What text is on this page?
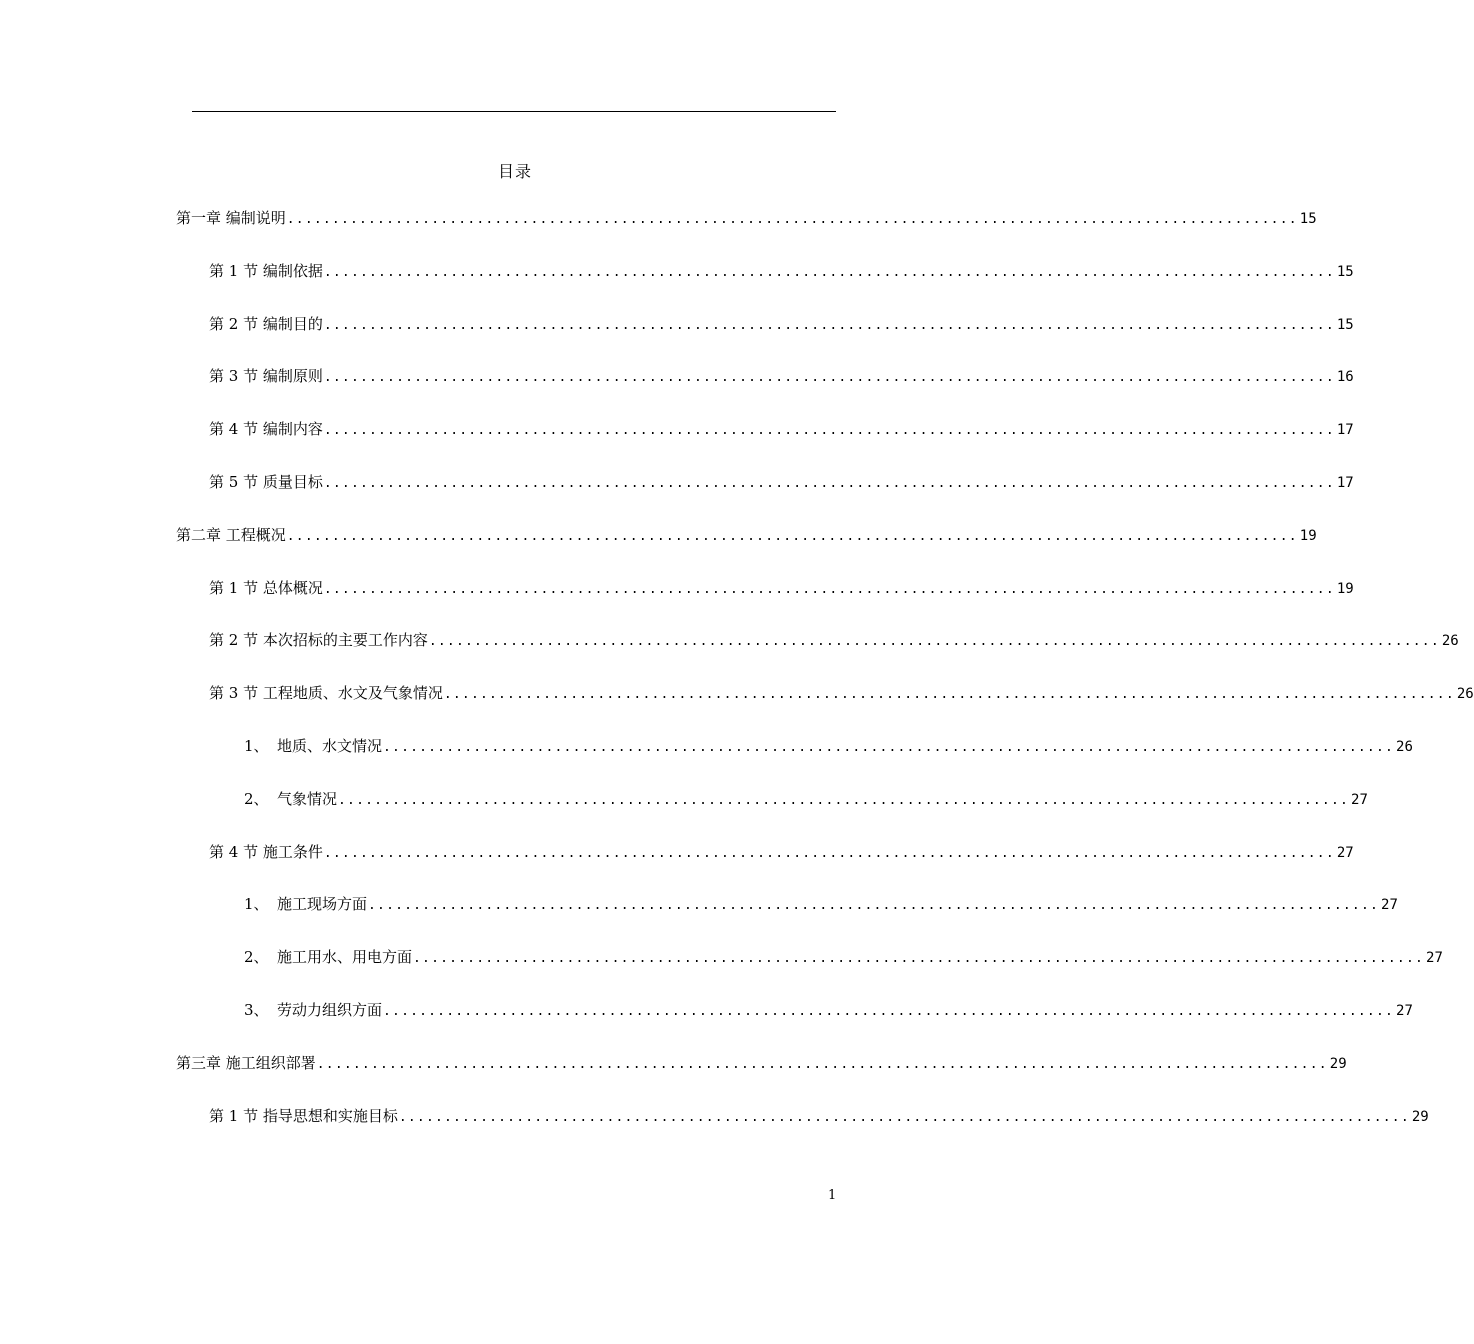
目录
第一章 编制说明 ................................................................................................................ 15
第 1 节 编制依据 ................................................................................................................ 15
第 2 节 编制目的 ................................................................................................................ 15
第 3 节 编制原则 ................................................................................................................ 16
第 4 节 编制内容 ................................................................................................................ 17
第 5 节 质量目标 ................................................................................................................ 17
第二章 工程概况 ................................................................................................................ 19
第 1 节 总体概况 ................................................................................................................ 19
第 2 节 本次招标的主要工作内容 ................................................................................................................ 26
第 3 节 工程地质、水文及气象情况 ................................................................................................................ 26
1、 地质、水文情况 ................................................................................................................ 26
2、 气象情况 ................................................................................................................ 27
第 4 节 施工条件 ................................................................................................................ 27
1、 施工现场方面 ................................................................................................................ 27
2、 施工用水、用电方面 ................................................................................................................ 27
3、 劳动力组织方面 ................................................................................................................ 27
第三章 施工组织部署 ................................................................................................................ 29
第 1 节 指导思想和实施目标 ................................................................................................................ 29
1
